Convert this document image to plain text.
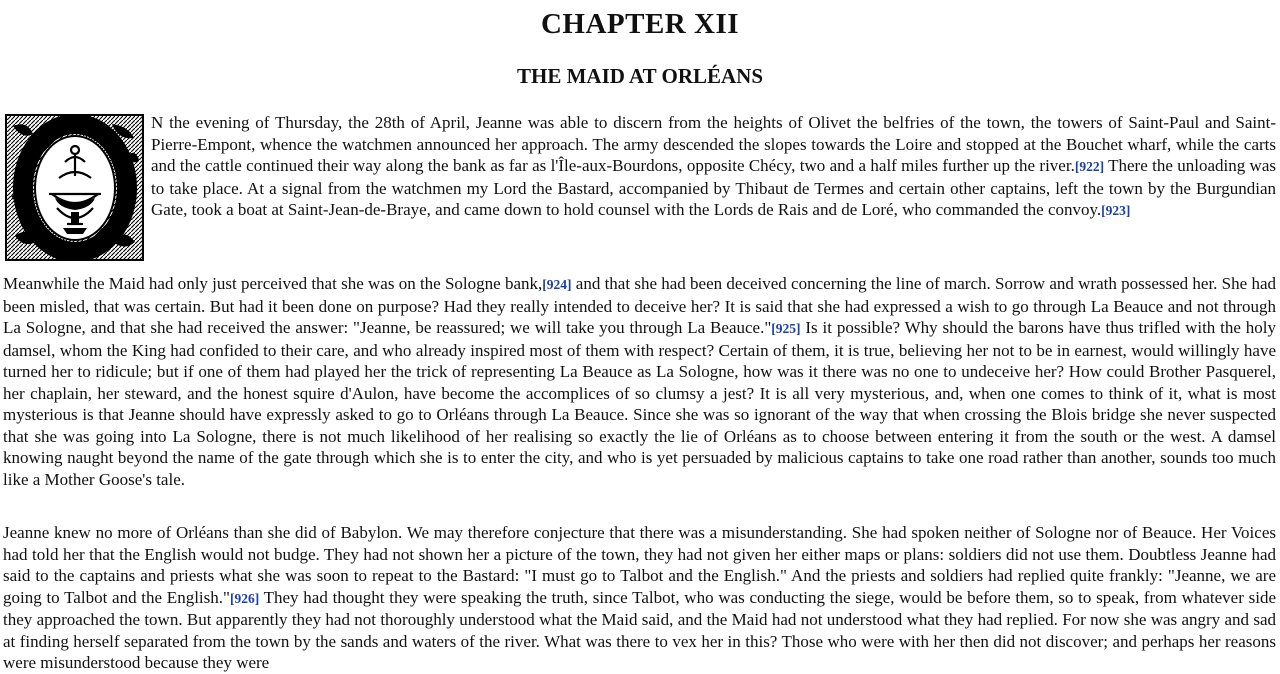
CHAPTER XII
THE MAID AT ORLÉANS

N the evening of Thursday, the 28th of April, Jeanne was able to discern from the heights of Olivet the belfries of the town, the towers of Saint-Paul and Saint-Pierre-Empont, whence the watchmen announced her approach. The army descended the slopes towards the Loire and stopped at the Bouchet wharf, while the carts and the cattle continued their way along the bank as far as l'Île-aux-Bourdons, opposite Chécy, two and a half miles further up the river.[922] There the unloading was to take place. At a signal from the watchmen my Lord the Bastard, accompanied by Thibaut de Termes and certain other captains, left the town by the Burgundian Gate, took a boat at Saint-Jean-de-Braye, and came down to hold counsel with the Lords de Rais and de Loré, who commanded the convoy.[923]

Meanwhile the Maid had only just perceived that she was on the Sologne bank,[924] and that she had been deceived concerning the line of march. Sorrow and wrath possessed her. She had been misled, that was certain. But had it been done on purpose? Had they really intended to deceive her? It is said that she had expressed a wish to go through La Beauce and not through La Sologne, and that she had received the answer: "Jeanne, be reassured; we will take you through La Beauce."[925] Is it possible? Why should the barons have thus trifled with the holy damsel, whom the King had confided to their care, and who already inspired most of them with respect? Certain of them, it is true, believing her not to be in earnest, would willingly have turned her to ridicule; but if one of them had played her the trick of representing La Beauce as La Sologne, how was it there was no one to undeceive her? How could Brother Pasquerel, her chaplain, her steward, and the honest squire d'Aulon, have become the accomplices of so clumsy a jest? It is all very mysterious, and, when one comes to think of it, what is most mysterious is that Jeanne should have expressly asked to go to Orléans through La Beauce. Since she was so ignorant of the way that when crossing the Blois bridge she never suspected that she was going into La Sologne, there is not much likelihood of her realising so exactly the lie of Orléans as to choose between entering it from the south or the west. A damsel knowing naught beyond the name of the gate through which she is to enter the city, and who is yet persuaded by malicious captains to take one road rather than another, sounds too much like a Mother Goose's tale.

Jeanne knew no more of Orléans than she did of Babylon. We may therefore conjecture that there was a misunderstanding. She had spoken neither of Sologne nor of Beauce. Her Voices had told her that the English would not budge. They had not shown her a picture of the town, they had not given her either maps or plans: soldiers did not use them. Doubtless Jeanne had said to the captains and priests what she was soon to repeat to the Bastard: "I must go to Talbot and the English." And the priests and soldiers had replied quite frankly: "Jeanne, we are going to Talbot and the English."[926] They had thought they were speaking the truth, since Talbot, who was conducting the siege, would be before them, so to speak, from whatever side they approached the town. But apparently they had not thoroughly understood what the Maid said, and the Maid had not understood what they had replied. For now she was angry and sad at finding herself separated from the town by the sands and waters of the river. What was there to vex her in this? Those who were with her then did not discover; and perhaps her reasons were misunderstood because they were
